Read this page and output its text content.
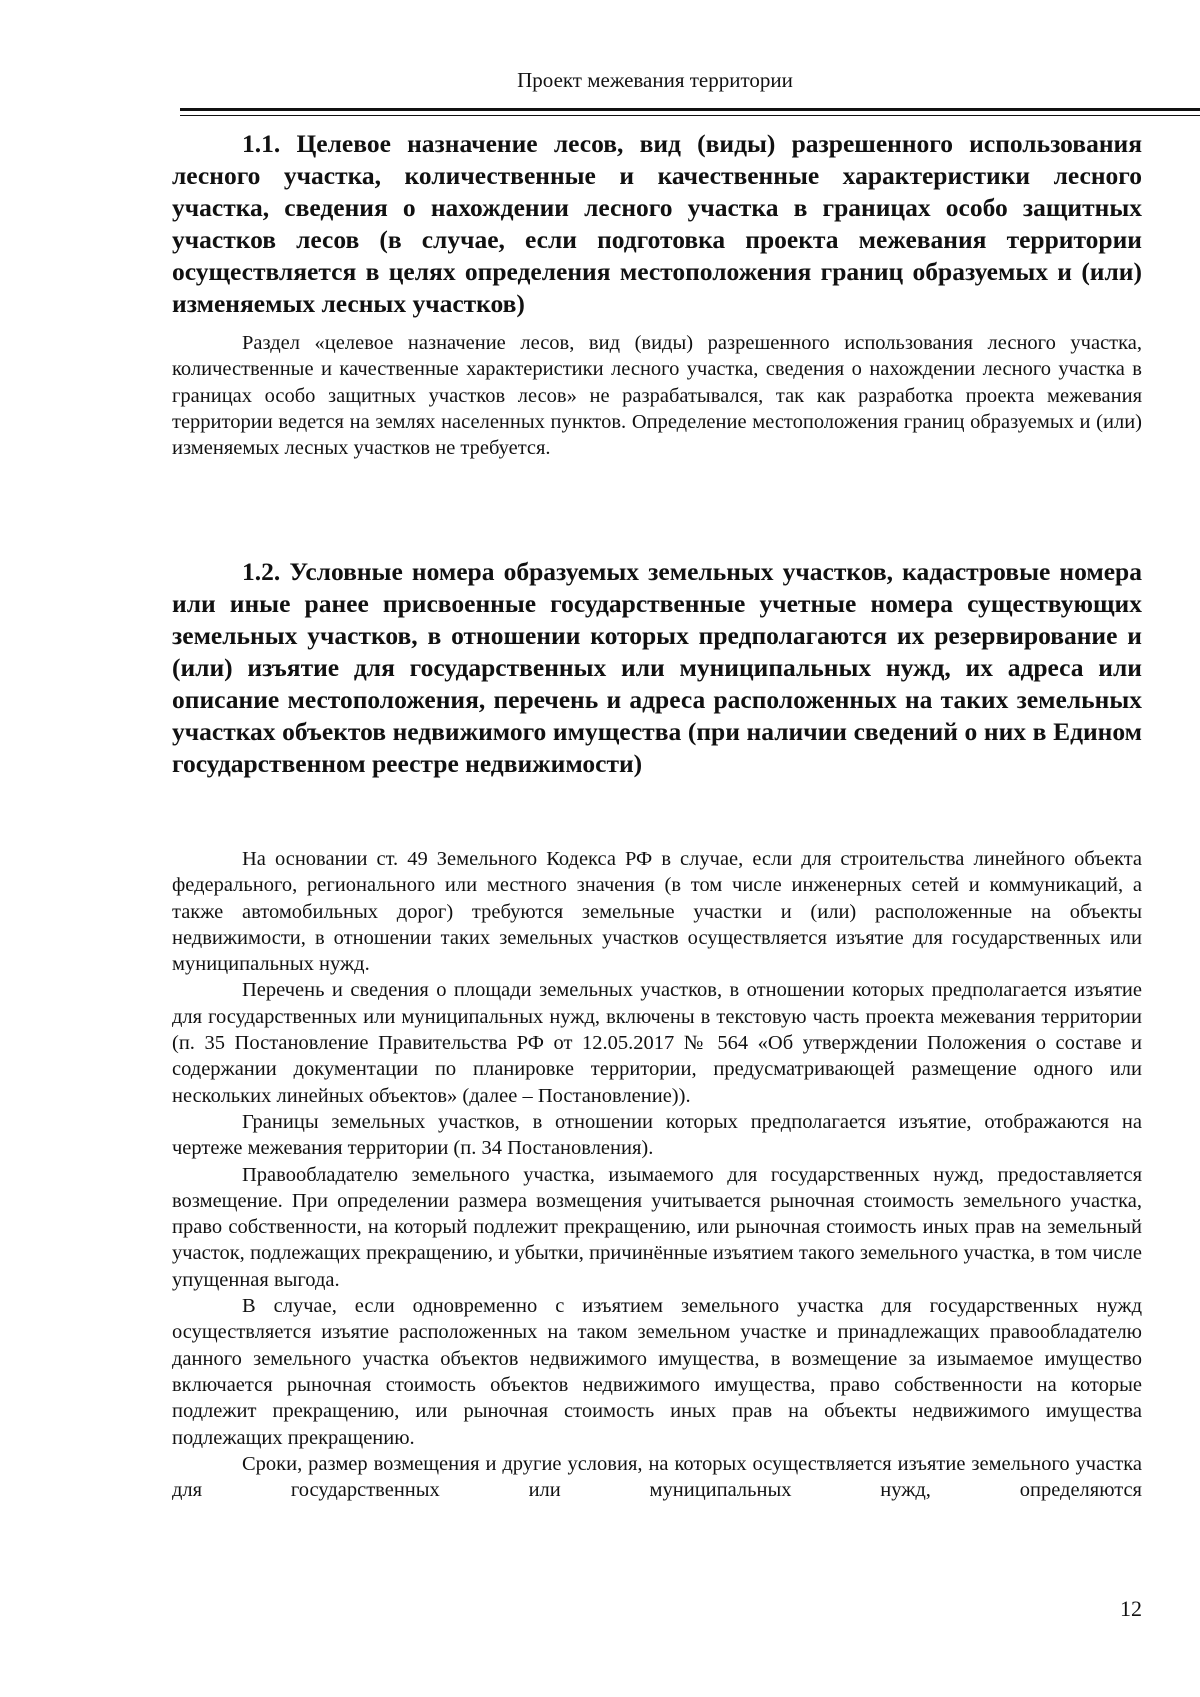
Проект межевания территории

1.1. Целевое назначение лесов, вид (виды) разрешенного использования лесного участка, количественные и качественные характеристики лесного участка, сведения о нахождении лесного участка в границах особо защитных участков лесов (в случае, если подготовка проекта межевания территории осуществляется в целях определения местоположения границ образуемых и (или) изменяемых лесных участков)

Раздел «целевое назначение лесов, вид (виды) разрешенного использования лесного участка, количественные и качественные характеристики лесного участка, сведения о нахождении лесного участка в границах особо защитных участков лесов» не разрабатывался, так как разработка проекта межевания территории ведется на землях населенных пунктов. Определение местоположения границ образуемых и (или) изменяемых лесных участков не требуется.

1.2. Условные номера образуемых земельных участков, кадастровые номера или иные ранее присвоенные государственные учетные номера существующих земельных участков, в отношении которых предполагаются их резервирование и (или) изъятие для государственных или муниципальных нужд, их адреса или описание местоположения, перечень и адреса расположенных на таких земельных участках объектов недвижимого имущества (при наличии сведений о них в Едином государственном реестре недвижимости)

На основании ст. 49 Земельного Кодекса РФ в случае, если для строительства линейного объекта федерального, регионального или местного значения (в том числе инженерных сетей и коммуникаций, а также автомобильных дорог) требуются земельные участки и (или) расположенные на объекты недвижимости, в отношении таких земельных участков осуществляется изъятие для государственных или муниципальных нужд.

Перечень и сведения о площади земельных участков, в отношении которых предполагается изъятие для государственных или муниципальных нужд, включены в текстовую часть проекта межевания территории (п. 35 Постановление Правительства РФ от 12.05.2017 № 564 «Об утверждении Положения о составе и содержании документации по планировке территории, предусматривающей размещение одного или нескольких линейных объектов» (далее – Постановление)).

Границы земельных участков, в отношении которых предполагается изъятие, отображаются на чертеже межевания территории (п. 34 Постановления).

Правообладателю земельного участка, изымаемого для государственных нужд, предоставляется возмещение. При определении размера возмещения учитывается рыночная стоимость земельного участка, право собственности, на который подлежит прекращению, или рыночная стоимость иных прав на земельный участок, подлежащих прекращению, и убытки, причинённые изъятием такого земельного участка, в том числе упущенная выгода.

В случае, если одновременно с изъятием земельного участка для государственных нужд осуществляется изъятие расположенных на таком земельном участке и принадлежащих правообладателю данного земельного участка объектов недвижимого имущества, в возмещение за изымаемое имущество включается рыночная стоимость объектов недвижимого имущества, право собственности на которые подлежит прекращению, или рыночная стоимость иных прав на объекты недвижимого имущества подлежащих прекращению.

Сроки, размер возмещения и другие условия, на которых осуществляется изъятие земельного участка для государственных или муниципальных нужд, определяются

12
